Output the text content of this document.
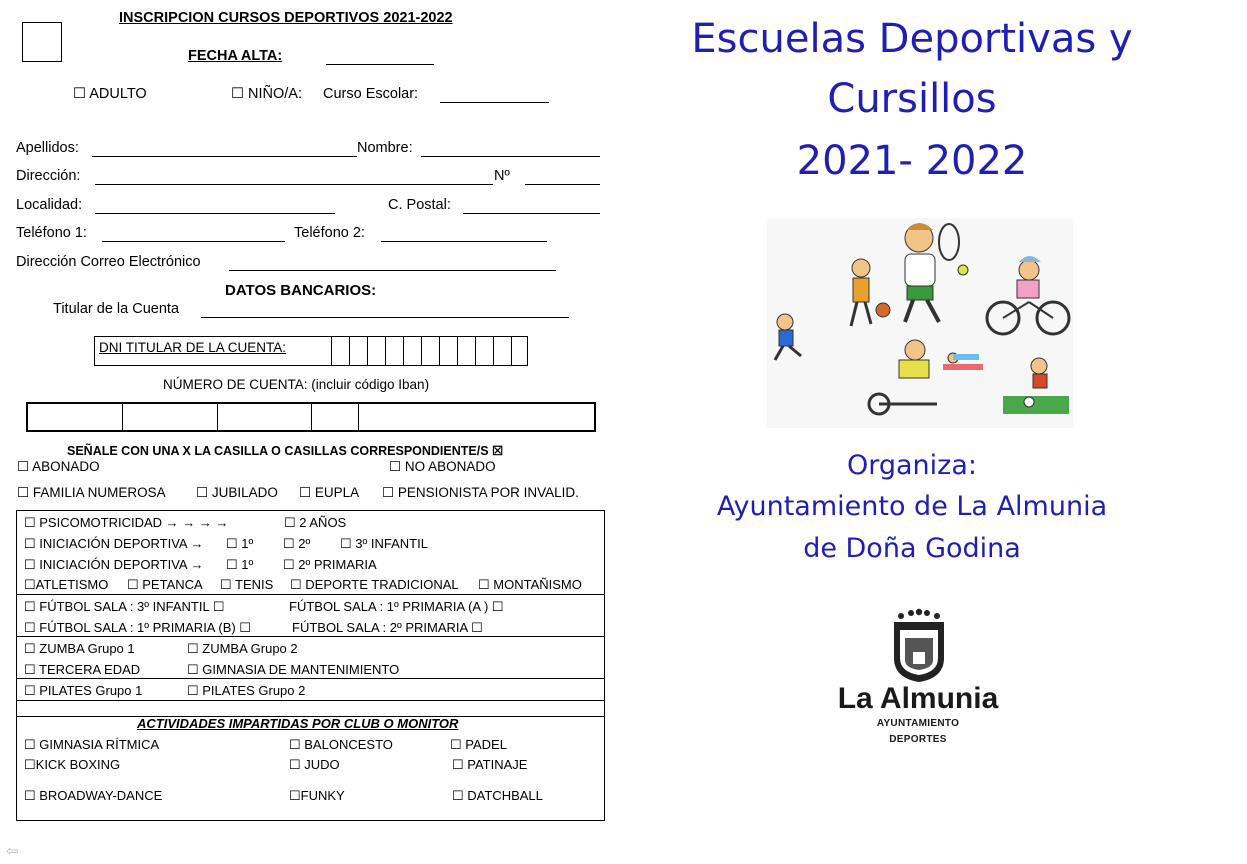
INSCRIPCION CURSOS DEPORTIVOS 2021-2022
FECHA ALTA:
☐ ADULTO	☐ NIÑO/A: Curso Escolar:
Apellidos:	Nombre:
Dirección:	Nº
Localidad:	C. Postal:
Teléfono 1:	Teléfono 2:
Dirección Correo Electrónico
DATOS BANCARIOS:
Titular de la Cuenta
DNI TITULAR DE LA CUENTA:
NÚMERO DE CUENTA: (incluir código Iban)
SEÑALE CON UNA X LA CASILLA O CASILLAS CORRESPONDIENTE/S ☒
☐ ABONADO	☐ NO ABONADO
☐ FAMILIA NUMEROSA ☐ JUBILADO ☐ EUPLA ☐ PENSIONISTA POR INVALID.
☐ PSICOMOTRICIDAD → → → →	☐ 2 AÑOS
☐ INICIACIÓN DEPORTIVA → ☐ 1º ☐ 2º ☐ 3º INFANTIL
☐ INICIACIÓN DEPORTIVA → ☐ 1º ☐ 2º PRIMARIA
☐ATLETISMO ☐ PETANCA ☐ TENIS ☐ DEPORTE TRADICIONAL ☐ MONTAÑISMO
☐ FÚTBOL SALA : 3º INFANTIL ☐	FÚTBOL SALA : 1º PRIMARIA (A ) ☐
☐ FÚTBOL SALA : 1º PRIMARIA (B) ☐	FÚTBOL SALA : 2º PRIMARIA ☐
☐ ZUMBA Grupo 1	☐ ZUMBA Grupo 2
☐ TERCERA EDAD	☐ GIMNASIA DE MANTENIMIENTO
☐ PILATES Grupo 1	☐ PILATES Grupo 2
ACTIVIDADES IMPARTIDAS POR CLUB O MONITOR
☐ GIMNASIA RÍTMICA	☐ BALONCESTO	☐ PADEL
☐KICK BOXING	☐ JUDO	☐ PATINAJE
☐ BROADWAY-DANCE	☐FUNKY	☐ DATCHBALL
⇦
Escuelas Deportivas y
Cursillos
2021- 2022
Organiza:
Ayuntamiento de La Almunia
de Doña Godina
La Almunia
AYUNTAMIENTO
DEPORTES
